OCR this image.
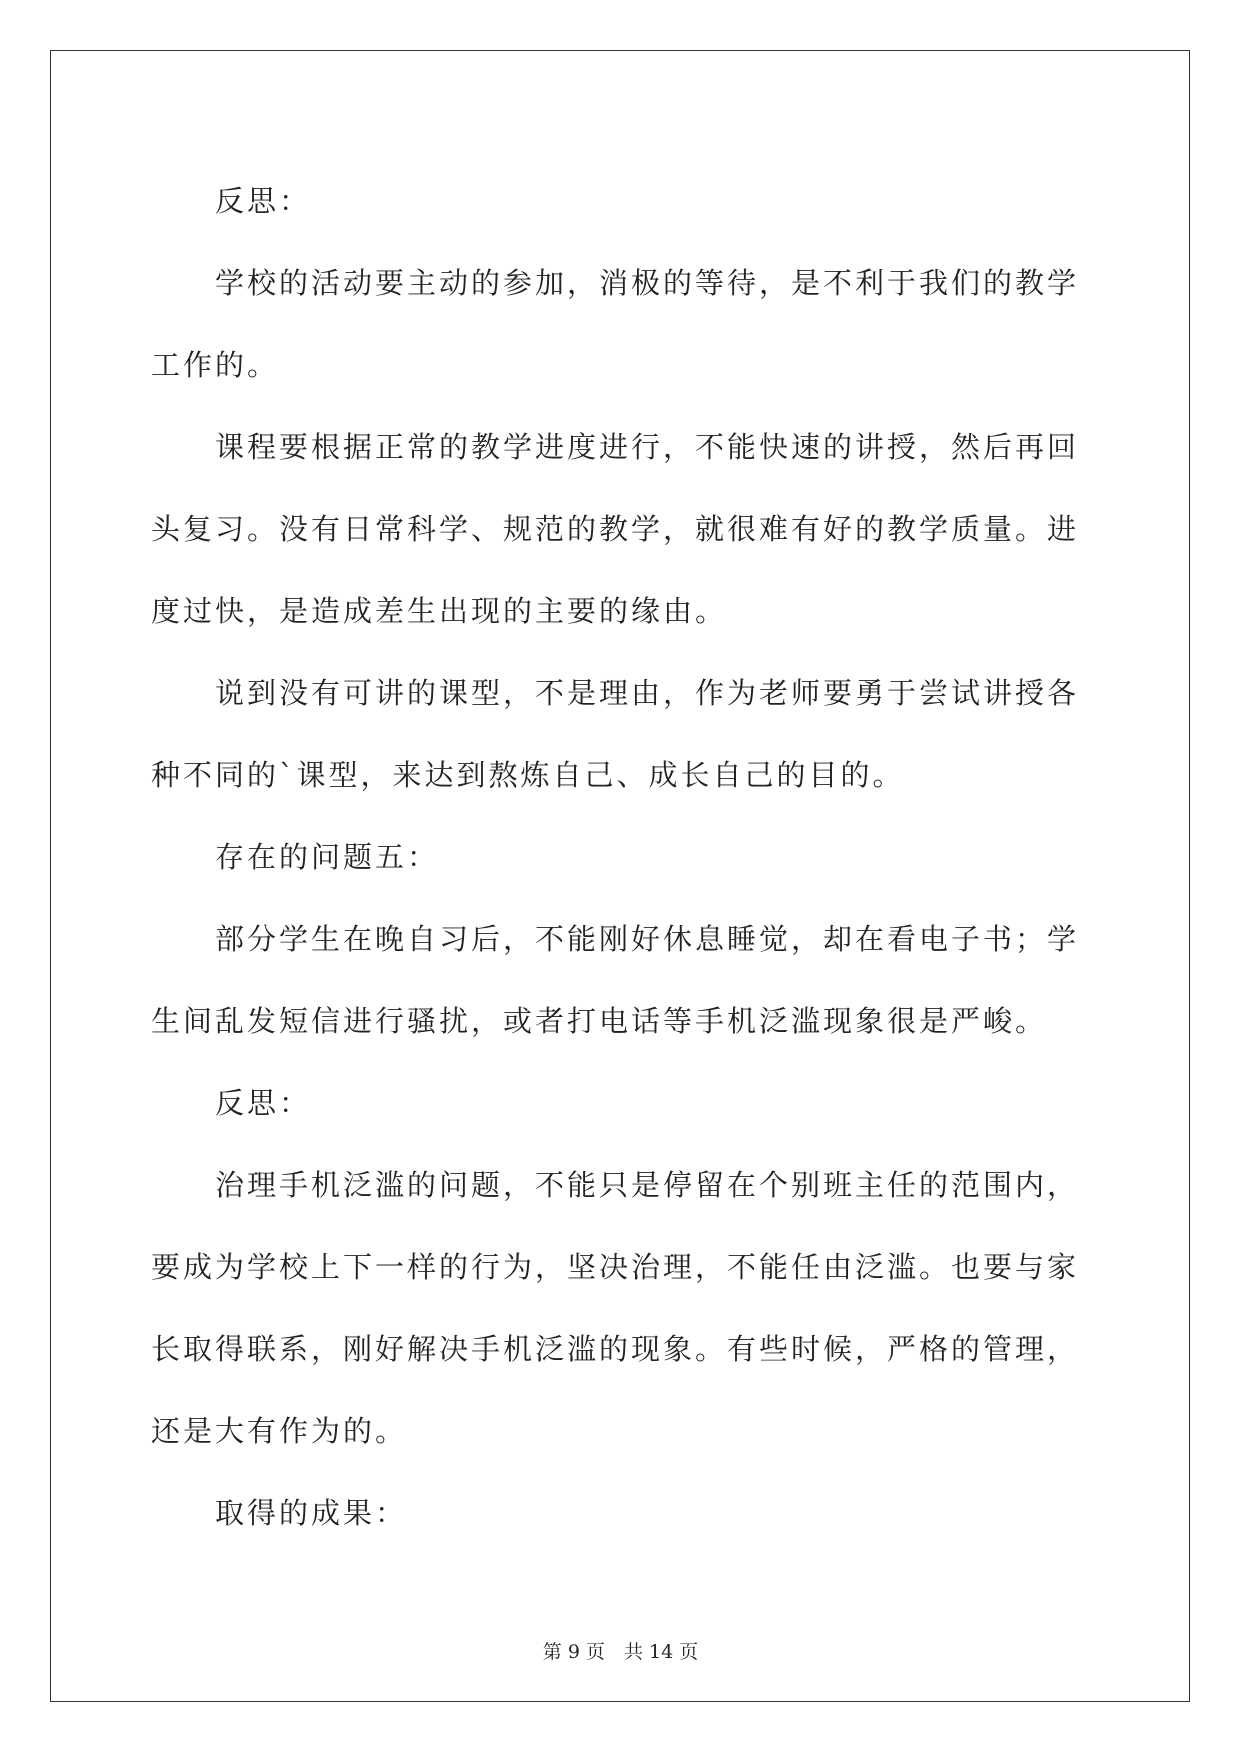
反思：

学校的活动要主动的参加，消极的等待，是不利于我们的教学工作的。

课程要根据正常的教学进度进行，不能快速的讲授，然后再回头复习。没有日常科学、规范的教学，就很难有好的教学质量。进度过快，是造成差生出现的主要的缘由。

说到没有可讲的课型，不是理由，作为老师要勇于尝试讲授各种不同的`课型，来达到熬炼自己、成长自己的目的。

存在的问题五：

部分学生在晚自习后，不能刚好休息睡觉，却在看电子书；学生间乱发短信进行骚扰，或者打电话等手机泛滥现象很是严峻。

反思：

治理手机泛滥的问题，不能只是停留在个别班主任的范围内，要成为学校上下一样的行为，坚决治理，不能任由泛滥。也要与家长取得联系，刚好解决手机泛滥的现象。有些时候，严格的管理，还是大有作为的。

取得的成果：

第 9 页　共 14 页
